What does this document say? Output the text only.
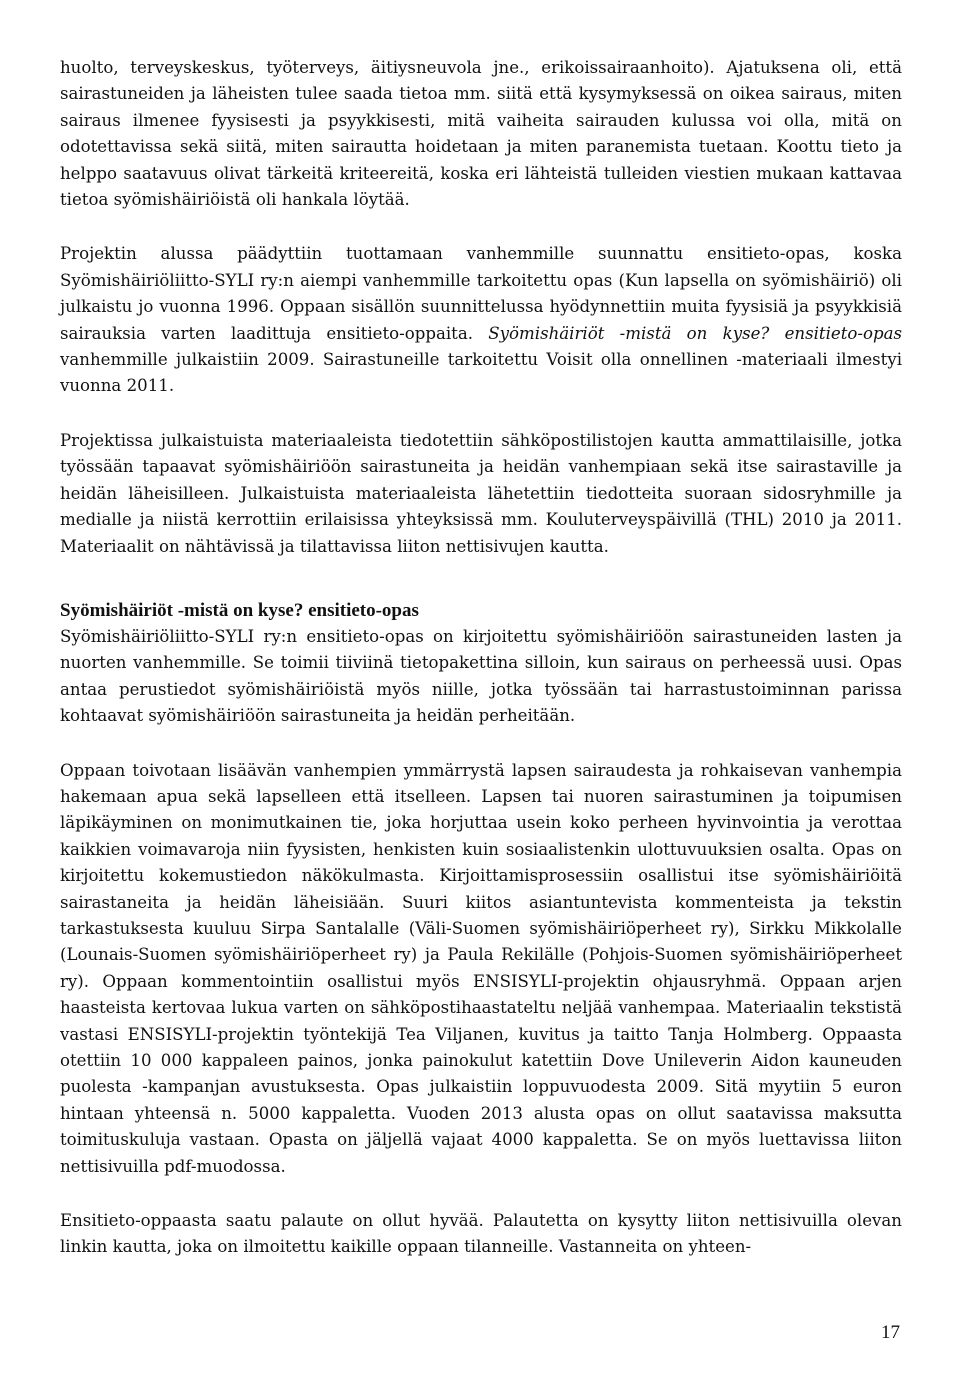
huolto, terveyskeskus, työterveys, äitiysneuvola jne., erikoissairaanhoito). Ajatuksena oli, että sairastuneiden ja läheisten tulee saada tietoa mm. siitä että kysymyksessä on oikea sairaus, miten sairaus ilmenee fyysisesti ja psyykkisesti, mitä vaiheita sairauden kulussa voi olla, mitä on odotettavissa sekä siitä, miten sairautta hoidetaan ja miten paranemista tuetaan. Koottu tieto ja helppo saatavuus olivat tärkeitä kriteereitä, koska eri lähteistä tulleiden viestien mukaan kattavaa tietoa syömishäiriöistä oli hankala löytää.

Projektin alussa päädyttiin tuottamaan vanhemmille suunnattu ensitieto-opas, koska Syömishäiriöliitto-SYLI ry:n aiempi vanhemmille tarkoitettu opas (Kun lapsella on syömishäiriö) oli julkaistu jo vuonna 1996. Oppaan sisällön suunnittelussa hyödynnettiin muita fyysisiä ja psyykkisiä sairauksia varten laadittuja ensitieto-oppaita. Syömishäiriöt -mistä on kyse? ensitieto-opas vanhemmille julkaistiin 2009. Sairastuneille tarkoitettu Voisit olla onnellinen -materiaali ilmestyi vuonna 2011.

Projektissa julkaistuista materiaaleista tiedotettiin sähköpostilistojen kautta ammattilaisille, jotka työssään tapaavat syömishäiriöön sairastuneita ja heidän vanhempiaan sekä itse sairastaville ja heidän läheisilleen. Julkaistuista materiaaleista lähetettiin tiedotteita suoraan sidosryhmille ja medialle ja niistä kerrottiin erilaisissa yhteyksissä mm. Kouluterveyspäivillä (THL) 2010 ja 2011. Materiaalit on nähtävissä ja tilattavissa liiton nettisivujen kautta.

Syömishäiriöt -mistä on kyse? ensitieto-opas

Syömishäiriöliitto-SYLI ry:n ensitieto-opas on kirjoitettu syömishäiriöön sairastuneiden lasten ja nuorten vanhemmille. Se toimii tiiviinä tietopakettina silloin, kun sairaus on perheessä uusi. Opas antaa perustiedot syömishäiriöistä myös niille, jotka työssään tai harrastustoiminnan parissa kohtaavat syömishäiriöön sairastuneita ja heidän perheitään.

Oppaan toivotaan lisäävän vanhempien ymmärrystä lapsen sairaudesta ja rohkaisevan vanhempia hakemaan apua sekä lapselleen että itselleen. Lapsen tai nuoren sairastuminen ja toipumisen läpikäyminen on monimutkainen tie, joka horjuttaa usein koko perheen hyvinvointia ja verottaa kaikkien voimavaroja niin fyysisten, henkisten kuin sosiaalistenkin ulottuvuuksien osalta. Opas on kirjoitettu kokemustiedon näkökulmasta. Kirjoittamisprosessiin osallistui itse syömishäiriöitä sairastaneita ja heidän läheisiään. Suuri kiitos asiantuntevista kommenteista ja tekstin tarkastuksesta kuuluu Sirpa Santalalle (Väli-Suomen syömishäiriöperheet ry), Sirkku Mikkolalle (Lounais-Suomen syömishäiriöperheet ry) ja Paula Rekilälle (Pohjois-Suomen syömishäiriöperheet ry). Oppaan kommentointiin osallistui myös ENSISYLI-projektin ohjausryhmä. Oppaan arjen haasteista kertovaa lukua varten on sähköpostihaastateltu neljää vanhempaa. Materiaalin tekstistä vastasi ENSISYLI-projektin työntekijä Tea Viljanen, kuvitus ja taitto Tanja Holmberg. Oppaasta otettiin 10 000 kappaleen painos, jonka painokulut katettiin Dove Unileverin Aidon kauneuden puolesta -kampanjan avustuksesta. Opas julkaistiin loppuvuodesta 2009. Sitä myytiin 5 euron hintaan yhteensä n. 5000 kappaletta. Vuoden 2013 alusta opas on ollut saatavissa maksutta toimituskuluja vastaan. Opasta on jäljellä vajaat 4000 kappaletta. Se on myös luettavissa liiton nettisivuilla pdf-muodossa.

Ensitieto-oppaasta saatu palaute on ollut hyvää. Palautetta on kysytty liiton nettisivuilla olevan linkin kautta, joka on ilmoitettu kaikille oppaan tilanneille. Vastanneita on yhteen-

17
